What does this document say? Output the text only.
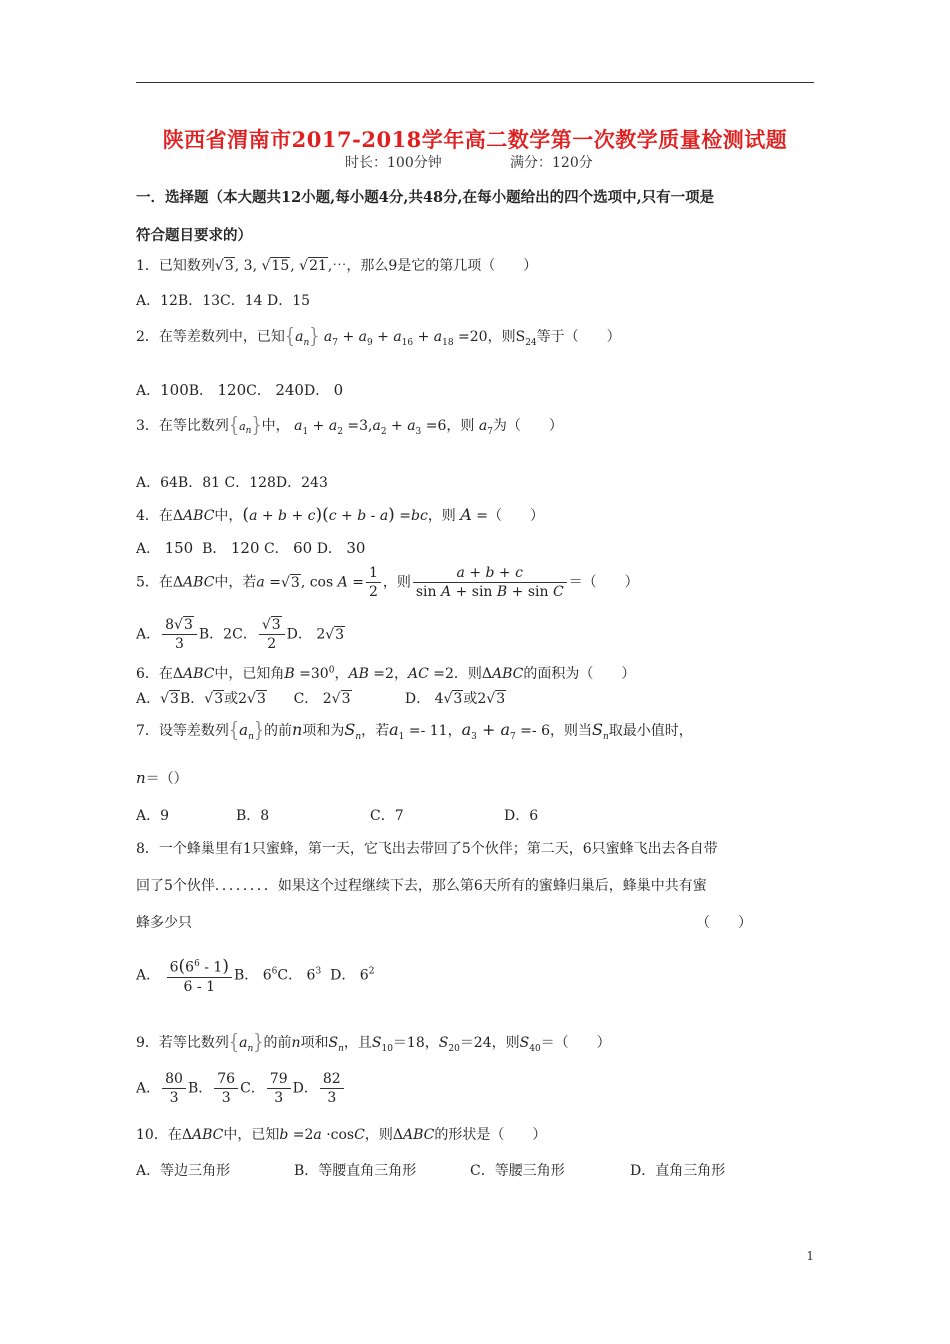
陕西省渭南市2017-2018学年高二数学第一次教学质量检测试题
时长：100分钟	满分：120分
一．选择题（本大题共12小题,每小题4分,共48分,在每小题给出的四个选项中,只有一项是
符合题目要求的）
1．已知数列√3, 3, √15, √21,⋯，那么9是它的第几项（　　）
A．12B．13C．14 D．15
2．在等差数列中，已知$\{a_n\} a_7 + a_9 + a_{16} + a_{18} =20$，则$S_{24}$等于（　　）
A．100B． 120C． 240D． 0
3．在等比数列$\{a_n\}$中， $a_1 + a_2 =3,a_2 + a_3 =6$，则 $a_7$为（　　）
A．64B．81 C．128D．243
4．在ΔABC中，(a + b + c)(c + b - a) =bc，则 A =（　　）
A． 150 B． 120 C． 60 D． 30
5．在ΔABC中，若a =√3, $\cos A = \frac{1}{2}$ ，则 $\frac{a + b + c}{\text{sin A + sin B + sin C}}$ ＝（　　）
A． $\frac{8√3}{3}$ B．2C． $\frac{√3}{2}$ D． 2√3
6．在ΔABC中，已知角$B =30^0$，AB =2，AC =2．则ΔABC的面积为（　　）
A．√3B．√3或2√3 C． 2√3	D． 4√3或2√3
7．设等差数列$\{a_n\}$的前n项和为$S_n$，若$a_1 =- 11$，$a_3 + a_7 =- 6$，则当$S_n$取最小值时，
n＝（）
A．9	B．8	C．7	D．6
8．一个蜂巢里有1只蜜蜂，第一天，它飞出去带回了5个伙伴；第二天，6只蜜蜂飞出去各自带
回了5个伙伴．．．．．．．．如果这个过程继续下去，那么第6天所有的蜜蜂归巢后，蜂巢中共有蜜
蜂多少只	（　　）
A． $\frac{6(6^6 - 1)}{6 - 1}$ B． $6^6C$． $6^3$ D． $6^2$
9．若等比数列$\{a_n\}$的前n项和$S_n$，且$S_{10}=18$，$S_{20}=24$，则$S_{40}=$（　　）
A． $\frac{80}{3}$ B． $\frac{76}{3}$ C． $\frac{79}{3}$ D． $\frac{82}{3}$
10．在ΔABC中，已知b =2a ·cosC，则ΔABC的形状是（　　）
A．等边三角形	B．等腰直角三角形	C．等腰三角形	D．直角三角形
1
